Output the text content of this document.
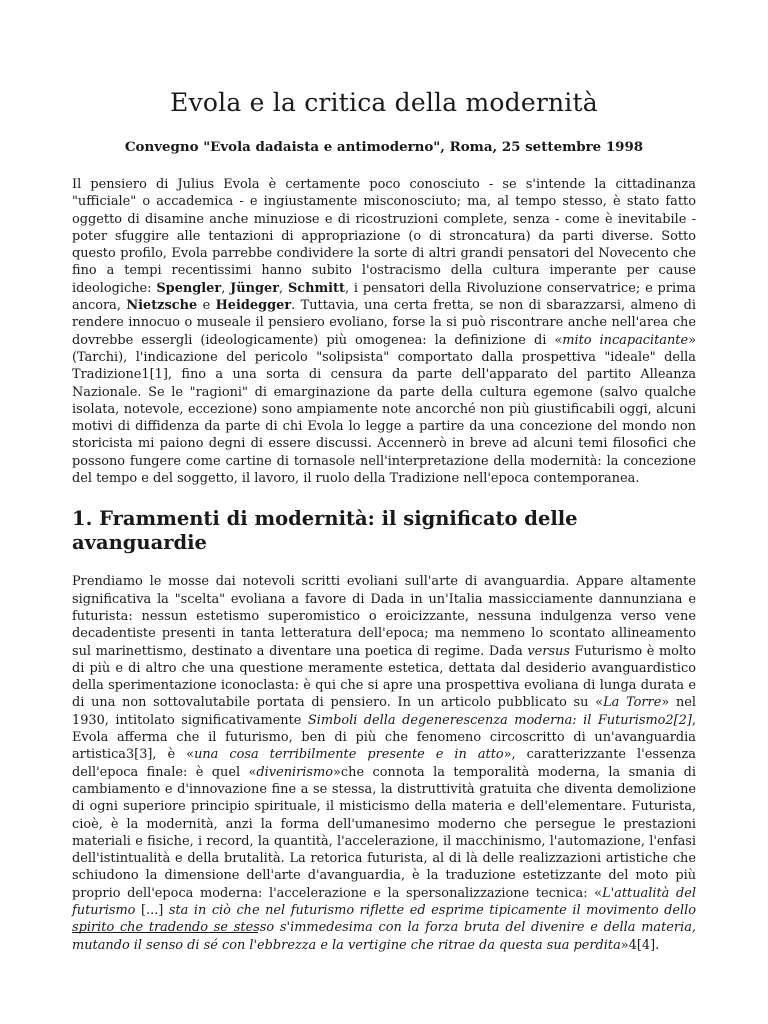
Evola e la critica della modernità
Convegno "Evola dadaista e antimoderno", Roma, 25 settembre 1998

Il pensiero di Julius Evola è certamente poco conosciuto - se s'intende la cittadinanza "ufficiale" o accademica - e ingiustamente misconosciuto; ma, al tempo stesso, è stato fatto oggetto di disamine anche minuziose e di ricostruzioni complete, senza - come è inevitabile - poter sfuggire alle tentazioni di appropriazione (o di stroncatura) da parti diverse. Sotto questo profilo, Evola parrebbe condividere la sorte di altri grandi pensatori del Novecento che fino a tempi recentissimi hanno subito l'ostracismo della cultura imperante per cause ideologiche: Spengler, Jünger, Schmitt, i pensatori della Rivoluzione conservatrice; e prima ancora, Nietzsche e Heidegger. Tuttavia, una certa fretta, se non di sbarazzarsi, almeno di rendere innocuo o museale il pensiero evoliano, forse la si può riscontrare anche nell'area che dovrebbe essergli (ideologicamente) più omogenea: la definizione di «mito incapacitante» (Tarchi), l'indicazione del pericolo "solipsista" comportato dalla prospettiva "ideale" della Tradizione1[1], fino a una sorta di censura da parte dell'apparato del partito Alleanza Nazionale. Se le "ragioni" di emarginazione da parte della cultura egemone (salvo qualche isolata, notevole, eccezione) sono ampiamente note ancorché non più giustificabili oggi, alcuni motivi di diffidenza da parte di chi Evola lo legge a partire da una concezione del mondo non storicista mi paiono degni di essere discussi. Accennerò in breve ad alcuni temi filosofici che possono fungere come cartine di tornasole nell'interpretazione della modernità: la concezione del tempo e del soggetto, il lavoro, il ruolo della Tradizione nell'epoca contemporanea.

1. Frammenti di modernità: il significato delle avanguardie

Prendiamo le mosse dai notevoli scritti evoliani sull'arte di avanguardia. Appare altamente significativa la "scelta" evoliana a favore di Dada in un'Italia massicciamente dannunziana e futurista: nessun estetismo superomistico o eroicizzante, nessuna indulgenza verso vene decadentiste presenti in tanta letteratura dell'epoca; ma nemmeno lo scontato allineamento sul marinettismo, destinato a diventare una poetica di regime. Dada versus Futurismo è molto di più e di altro che una questione meramente estetica, dettata dal desiderio avanguardistico della sperimentazione iconoclasta: è qui che si apre una prospettiva evoliana di lunga durata e di una non sottovalutabile portata di pensiero. In un articolo pubblicato su «La Torre» nel 1930, intitolato significativamente Simboli della degenerescenza moderna: il Futurismo2[2], Evola afferma che il futurismo, ben di più che fenomeno circoscritto di un'avanguardia artistica3[3], è «una cosa terribilmente presente e in atto», caratterizzante l'essenza dell'epoca finale: è quel «divenirismo»che connota la temporalità moderna, la smania di cambiamento e d'innovazione fine a se stessa, la distruttività gratuita che diventa demolizione di ogni superiore principio spirituale, il misticismo della materia e dell'elementare. Futurista, cioè, è la modernità, anzi la forma dell'umanesimo moderno che persegue le prestazioni materiali e fisiche, i record, la quantità, l'accelerazione, il macchinismo, l'automazione, l'enfasi dell'istintualità e della brutalità. La retorica futurista, al di là delle realizzazioni artistiche che schiudono la dimensione dell'arte d'avanguardia, è la traduzione estetizzante del moto più proprio dell'epoca moderna: l'accelerazione e la spersonalizzazione tecnica: «L'attualità del futurismo [...] sta in ciò che nel futurismo riflette ed esprime tipicamente il movimento dello spirito che tradendo se stesso s'immedesima con la forza bruta del divenire e della materia, mutando il senso di sé con l'ebbrezza e la vertigine che ritrae da questa sua perdita»4[4].
